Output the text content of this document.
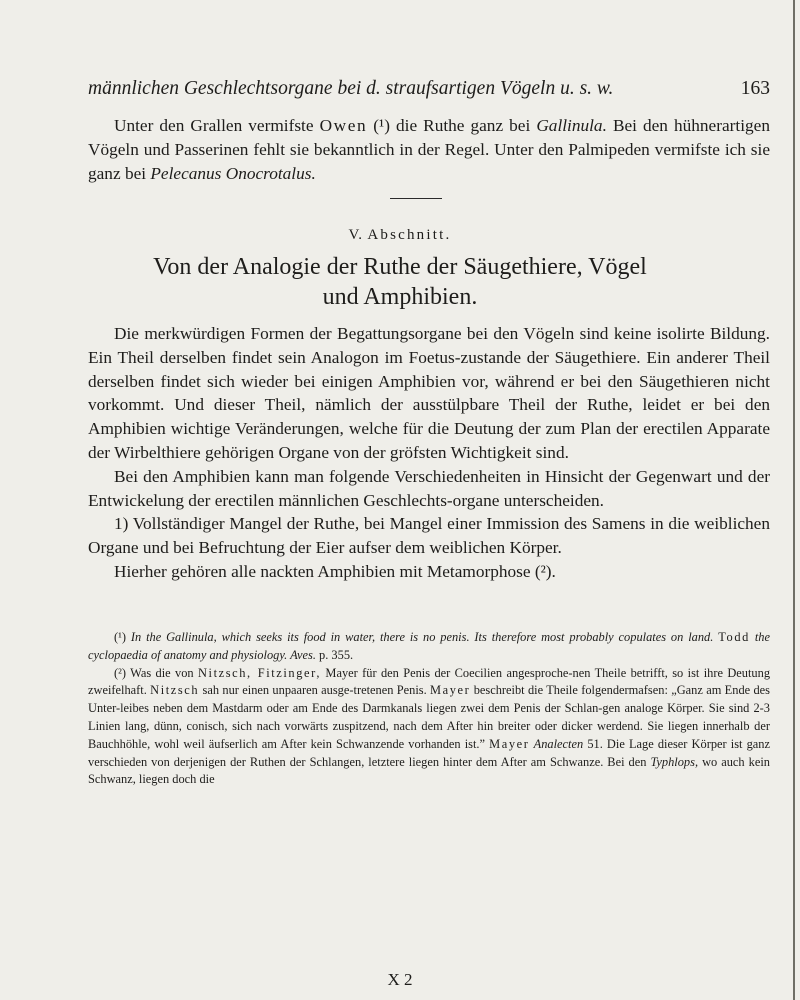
männlichen Geschlechtsorgane bei d. straufsartigen Vögeln u. s. w.	163

Unter den Grallen vermifste Owen (¹) die Ruthe ganz bei Gallinula. Bei den hühnerartigen Vögeln und Passerinen fehlt sie bekanntlich in der Regel. Unter den Palmipeden vermifste ich sie ganz bei Pelecanus Onocrotalus.

V. Abschnitt.
Von der Analogie der Ruthe der Säugethiere, Vögel
und Amphibien.

Die merkwürdigen Formen der Begattungsorgane bei den Vögeln sind keine isolirte Bildung. Ein Theil derselben findet sein Analogon im Foetus-zustande der Säugethiere. Ein anderer Theil derselben findet sich wieder bei einigen Amphibien vor, während er bei den Säugethieren nicht vorkommt. Und dieser Theil, nämlich der ausstülpbare Theil der Ruthe, leidet er bei den Amphibien wichtige Veränderungen, welche für die Deutung der zum Plan der erectilen Apparate der Wirbelthiere gehörigen Organe von der gröfsten Wichtigkeit sind.

Bei den Amphibien kann man folgende Verschiedenheiten in Hinsicht der Gegenwart und der Entwickelung der erectilen männlichen Geschlechts-organe unterscheiden.

1) Vollständiger Mangel der Ruthe, bei Mangel einer Immission des Samens in die weiblichen Organe und bei Befruchtung der Eier aufser dem weiblichen Körper.

Hierher gehören alle nackten Amphibien mit Metamorphose (²).

(¹) In the Gallinula, which seeks its food in water, there is no penis. Its therefore most probably copulates on land. Todd the cyclopaedia of anatomy and physiology. Aves. p. 355.

(²) Was die von Nitzsch, Fitzinger, Mayer für den Penis der Coecilien angesproche-nen Theile betrifft, so ist ihre Deutung zweifelhaft. Nitzsch sah nur einen unpaaren ausge-tretenen Penis. Mayer beschreibt die Theile folgendermafsen: „Ganz am Ende des Unter-leibes neben dem Mastdarm oder am Ende des Darmkanals liegen zwei dem Penis der Schlan-gen analoge Körper. Sie sind 2-3 Linien lang, dünn, conisch, sich nach vorwärts zuspitzend, nach dem After hin breiter oder dicker werdend. Sie liegen innerhalb der Bauchhöhle, wohl weil äufserlich am After kein Schwanzende vorhanden ist.” Mayer Analecten 51. Die Lage dieser Körper ist ganz verschieden von derjenigen der Ruthen der Schlangen, letztere liegen hinter dem After am Schwanze. Bei den Typhlops, wo auch kein Schwanz, liegen doch die

X 2
